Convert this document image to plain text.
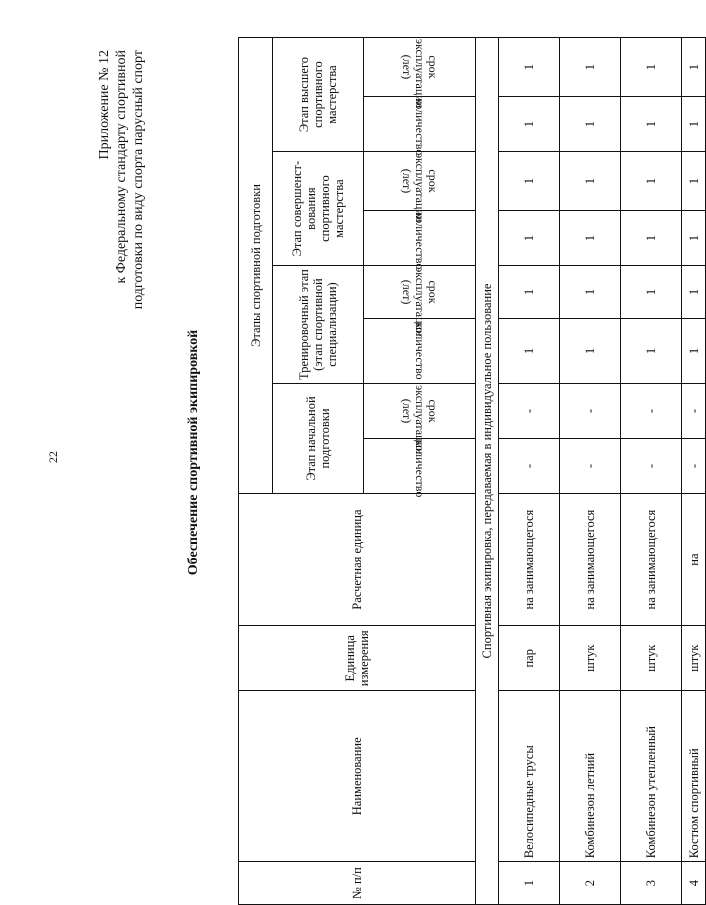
22
Приложение № 12 к Федеральному стандарту спортивной подготовки по виду спорта парусный спорт
Обеспечение спортивной экипировкой
№ п/п	Наименование	Единица измерения	Расчетная единица	Этапы спортивной подготовки							
				Этап начальной подготовки		Тренировочный этап (этап спортивной специализации)		Этап совершенст-вования спортивного мастерства		Этап высшего спортивного мастерства	

				количество	срок эксплуатации (лет)	количество	срок эксплуатации (лет)	количество	срок эксплуатации (лет)	количество	срок эксплуатации (лет)

Спортивная экипировка, передаваемая в индивидуальное пользование											
1	Велосипедные трусы	пар	на занимающегося	-	-	1	1	1	1	1	1
2	Комбинезон летний	штук	на занимающегося	-	-	1	1	1	1	1	1
3	Комбинезон утепленный	штук	на занимающегося	-	-	1	1	1	1	1	1
4	Костюм спортивный	штук	на	-	-	1	1	1	1	1	1
